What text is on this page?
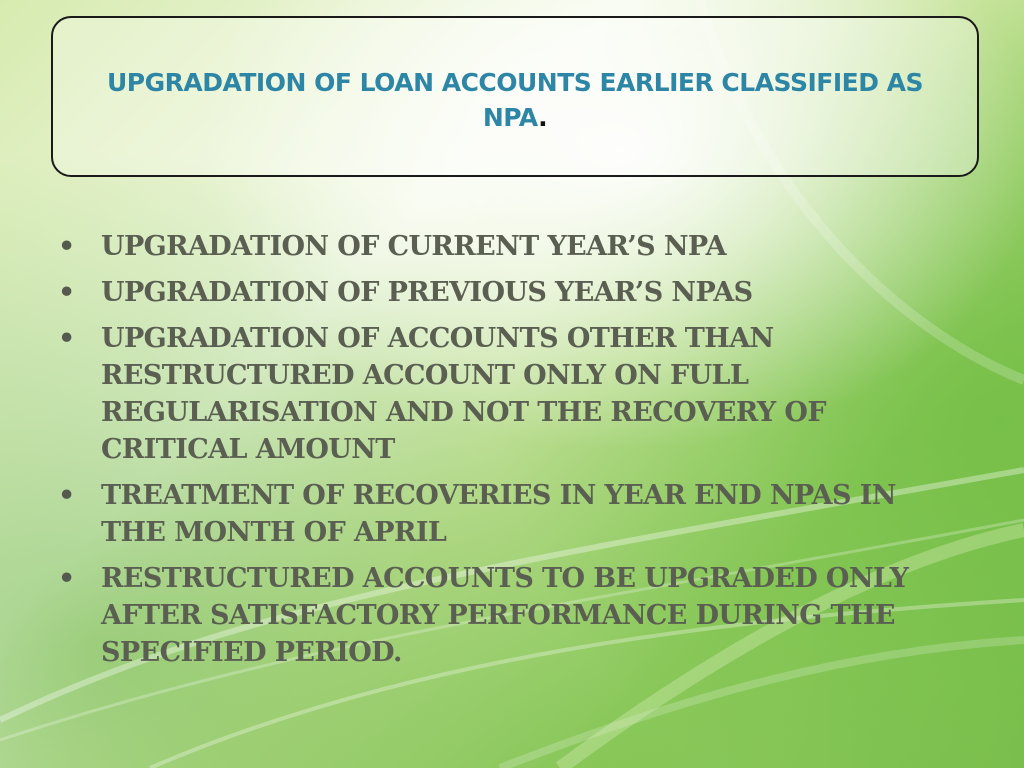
UPGRADATION OF LOAN ACCOUNTS EARLIER CLASSIFIED AS NPA.
• UPGRADATION OF CURRENT YEAR’S NPA
• UPGRADATION OF PREVIOUS YEAR’S NPAS
• UPGRADATION OF ACCOUNTS OTHER THAN RESTRUCTURED ACCOUNT ONLY ON FULL REGULARISATION AND NOT THE RECOVERY OF CRITICAL AMOUNT
• TREATMENT OF RECOVERIES IN YEAR END NPAS IN THE MONTH OF APRIL
• RESTRUCTURED ACCOUNTS TO BE UPGRADED ONLY AFTER SATISFACTORY PERFORMANCE DURING THE SPECIFIED PERIOD.
